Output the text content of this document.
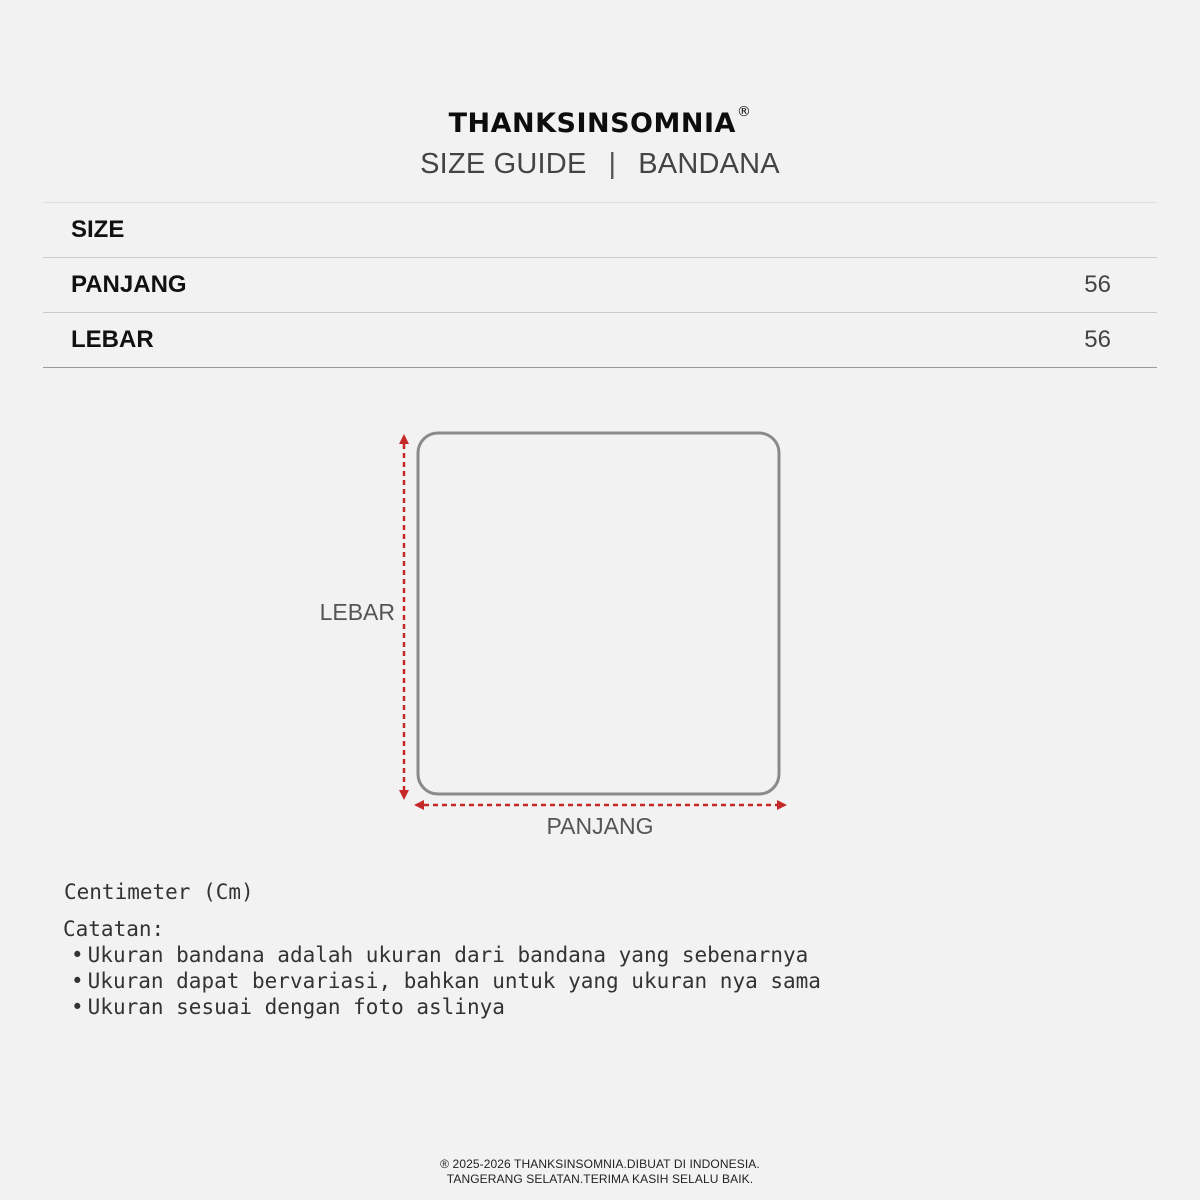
THANKSINSOMNIA®
SIZE GUIDE | BANDANA
SIZE
PANJANG	56
LEBAR	56
LEBAR
PANJANG
Centimeter (Cm)
Catatan:
• Ukuran bandana adalah ukuran dari bandana yang sebenarnya
• Ukuran dapat bervariasi, bahkan untuk yang ukuran nya sama
• Ukuran sesuai dengan foto aslinya
® 2025-2026 THANKSINSOMNIA.DIBUAT DI INDONESIA.
TANGERANG SELATAN.TERIMA KASIH SELALU BAIK.
